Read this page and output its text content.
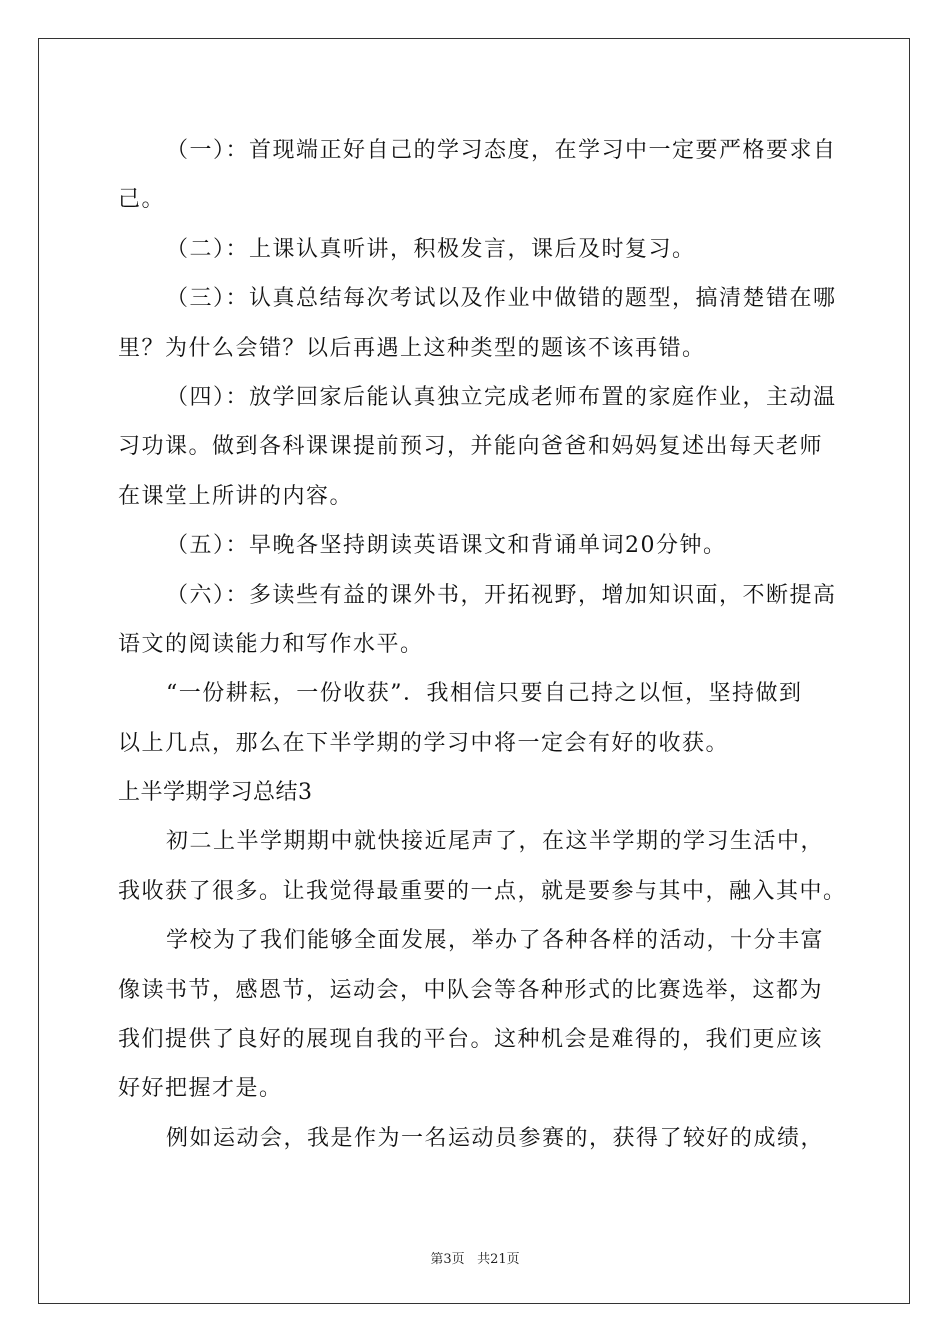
（一）：首现端正好自己的学习态度，在学习中一定要严格要求自
己。
（二）：上课认真听讲，积极发言，课后及时复习。
（三）：认真总结每次考试以及作业中做错的题型，搞清楚错在哪
里？为什么会错？以后再遇上这种类型的题该不该再错。
（四）：放学回家后能认真独立完成老师布置的家庭作业，主动温
习功课。做到各科课课提前预习，并能向爸爸和妈妈复述出每天老师
在课堂上所讲的内容。
（五）：早晚各坚持朗读英语课文和背诵单词20分钟。
（六）：多读些有益的课外书，开拓视野，增加知识面，不断提高
语文的阅读能力和写作水平。
“一份耕耘，一份收获”．我相信只要自己持之以恒，坚持做到
以上几点，那么在下半学期的学习中将一定会有好的收获。
上半学期学习总结3
初二上半学期期中就快接近尾声了，在这半学期的学习生活中，
我收获了很多。让我觉得最重要的一点，就是要参与其中，融入其中。
学校为了我们能够全面发展，举办了各种各样的活动，十分丰富
像读书节，感恩节，运动会，中队会等各种形式的比赛选举，这都为
我们提供了良好的展现自我的平台。这种机会是难得的，我们更应该
好好把握才是。
例如运动会，我是作为一名运动员参赛的，获得了较好的成绩，
第3页 共21页
